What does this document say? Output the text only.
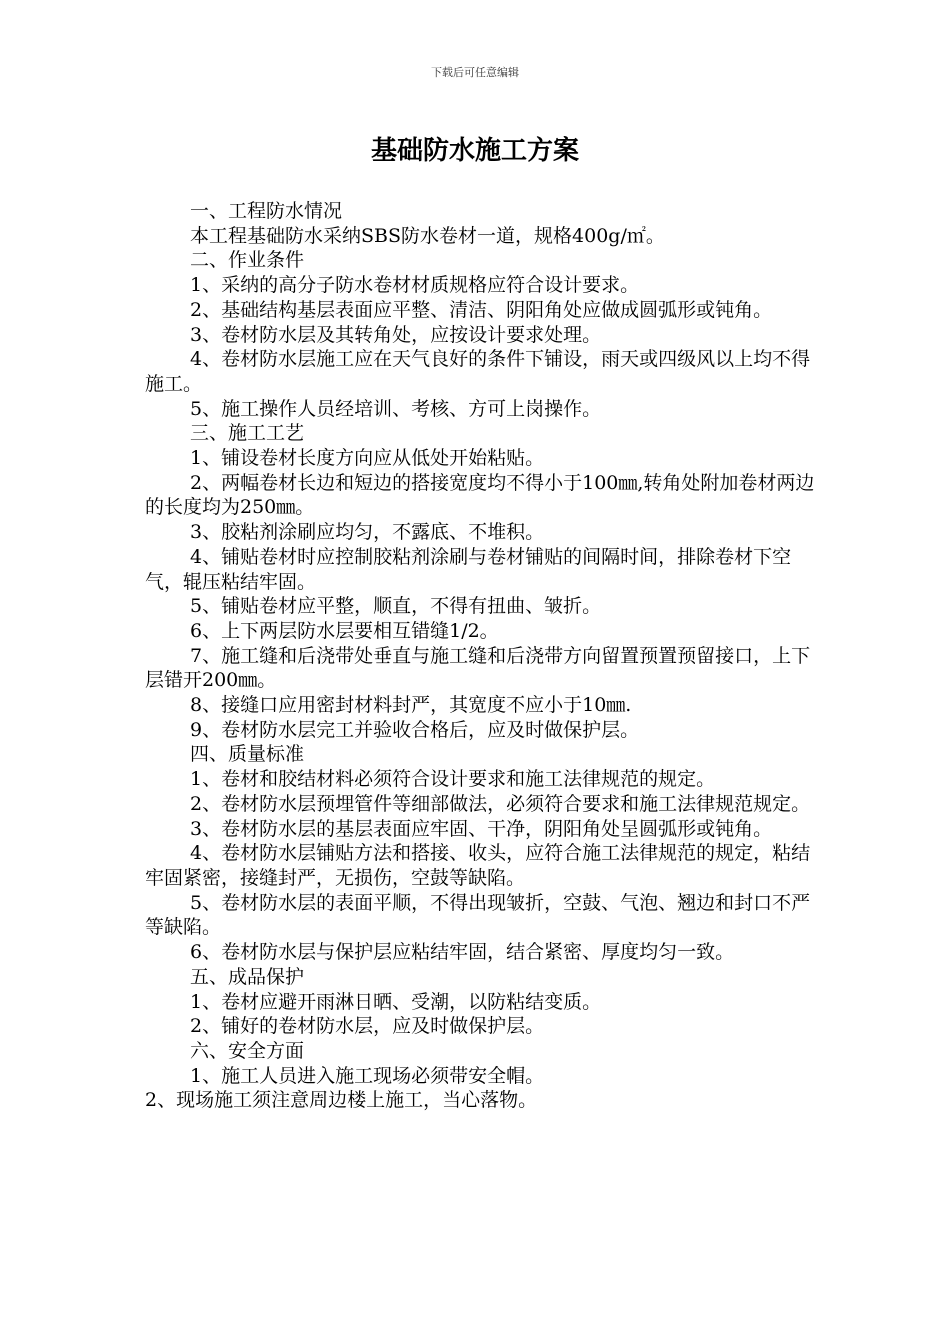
下载后可任意编辑
基础防水施工方案

一、工程防水情况

本工程基础防水采纳SBS防水卷材一道，规格400g/㎡。

二、作业条件

1、采纳的高分子防水卷材材质规格应符合设计要求。

2、基础结构基层表面应平整、清洁、阴阳角处应做成圆弧形或钝角。

3、卷材防水层及其转角处，应按设计要求处理。

4、卷材防水层施工应在天气良好的条件下铺设，雨天或四级风以上均不得施工。

5、施工操作人员经培训、考核、方可上岗操作。

三、施工工艺

1、铺设卷材长度方向应从低处开始粘贴。

2、两幅卷材长边和短边的搭接宽度均不得小于100㎜,转角处附加卷材两边的长度均为250㎜。

3、胶粘剂涂刷应均匀，不露底、不堆积。

4、铺贴卷材时应控制胶粘剂涂刷与卷材铺贴的间隔时间，排除卷材下空气，辊压粘结牢固。

5、铺贴卷材应平整，顺直，不得有扭曲、皱折。

6、上下两层防水层要相互错缝1/2。

7、施工缝和后浇带处垂直与施工缝和后浇带方向留置预置预留接口，上下层错开200㎜。

8、接缝口应用密封材料封严，其宽度不应小于10㎜.

9、卷材防水层完工并验收合格后，应及时做保护层。

四、质量标准

1、卷材和胶结材料必须符合设计要求和施工法律规范的规定。

2、卷材防水层预埋管件等细部做法，必须符合要求和施工法律规范规定。

3、卷材防水层的基层表面应牢固、干净，阴阳角处呈圆弧形或钝角。

4、卷材防水层铺贴方法和搭接、收头，应符合施工法律规范的规定，粘结牢固紧密，接缝封严，无损伤，空鼓等缺陷。

5、卷材防水层的表面平顺，不得出现皱折，空鼓、气泡、翘边和封口不严等缺陷。

6、卷材防水层与保护层应粘结牢固，结合紧密、厚度均匀一致。

五、成品保护

1、卷材应避开雨淋日晒、受潮，以防粘结变质。

2、铺好的卷材防水层，应及时做保护层。

六、安全方面

1、施工人员进入施工现场必须带安全帽。

2、现场施工须注意周边楼上施工，当心落物。
